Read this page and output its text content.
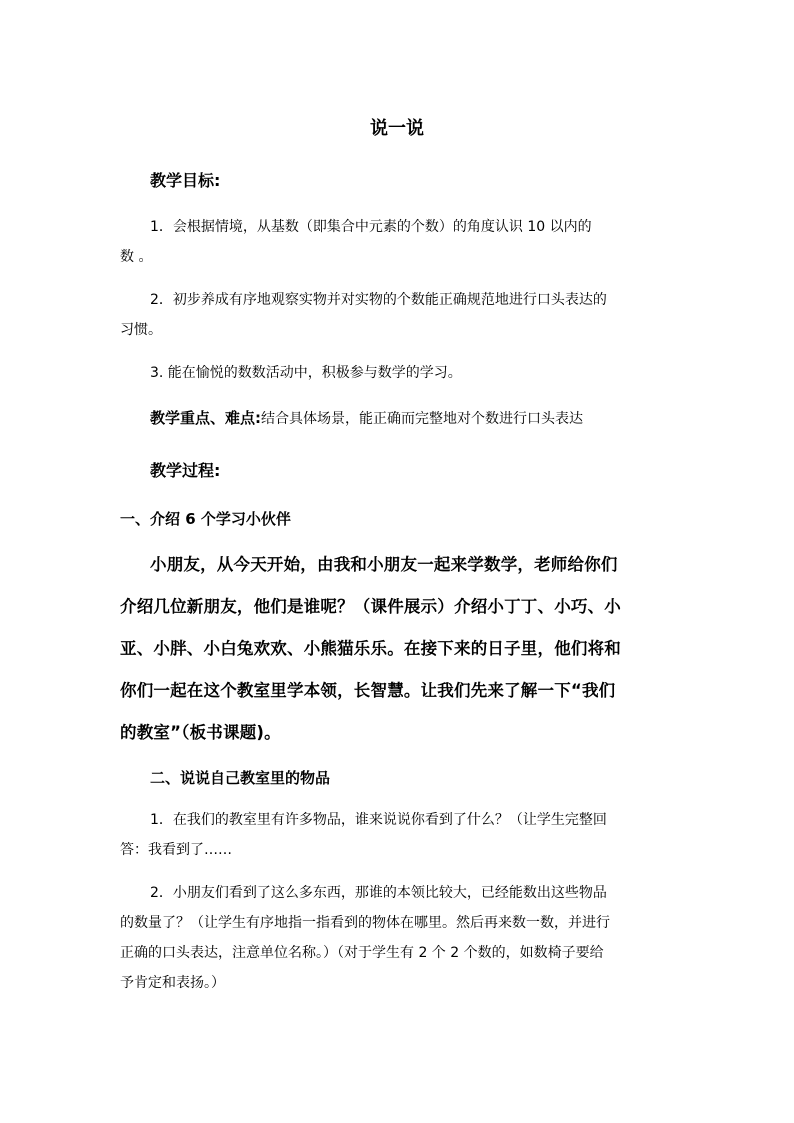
说一说
教学目标:
1．会根据情境，从基数（即集合中元素的个数）的角度认识 10 以内的
数 。
2．初步养成有序地观察实物并对实物的个数能正确规范地进行口头表达的
习惯。
3. 能在愉悦的数数活动中，积极参与数学的学习。
教学重点、难点:结合具体场景，能正确而完整地对个数进行口头表达
教学过程:
一、介绍 6 个学习小伙伴
小朋友，从今天开始，由我和小朋友一起来学数学，老师给你们
介绍几位新朋友，他们是谁呢？（课件展示）介绍小丁丁、小巧、小
亚、小胖、小白兔欢欢、小熊猫乐乐。在接下来的日子里，他们将和
你们一起在这个教室里学本领，长智慧。让我们先来了解一下“我们
的教室”（板书课题)。
二、说说自己教室里的物品
1．在我们的教室里有许多物品，谁来说说你看到了什么？（让学生完整回
答：我看到了……
2．小朋友们看到了这么多东西，那谁的本领比较大，已经能数出这些物品
的数量了？（让学生有序地指一指看到的物体在哪里。然后再来数一数，并进行
正确的口头表达，注意单位名称。）（对于学生有 2 个 2 个数的，如数椅子要给
予肯定和表扬。）
